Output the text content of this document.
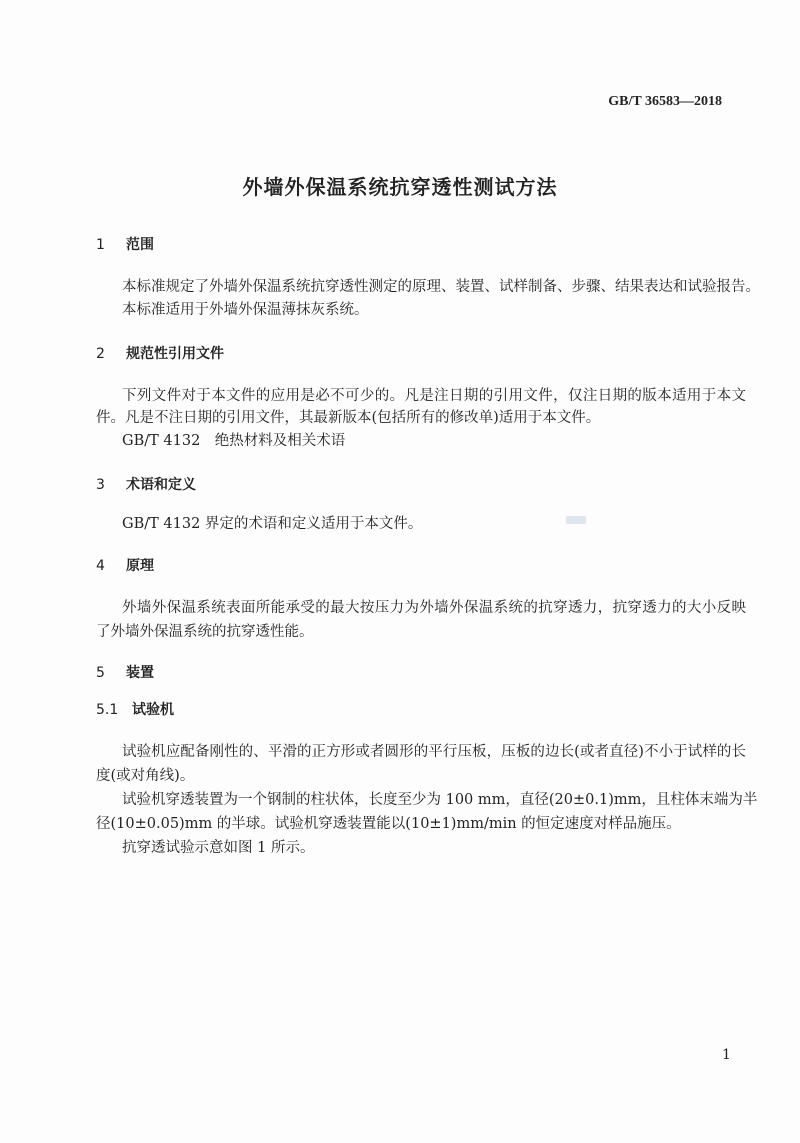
GB/T 36583—2018
外墙外保温系统抗穿透性测试方法
1 范围
本标准规定了外墙外保温系统抗穿透性测定的原理、装置、试样制备、步骤、结果表达和试验报告。
本标准适用于外墙外保温薄抹灰系统。
2 规范性引用文件
下列文件对于本文件的应用是必不可少的。凡是注日期的引用文件，仅注日期的版本适用于本文
件。凡是不注日期的引用文件，其最新版本(包括所有的修改单)适用于本文件。
GB/T 4132　绝热材料及相关术语
3 术语和定义
GB/T 4132 界定的术语和定义适用于本文件。
4 原理
外墙外保温系统表面所能承受的最大按压力为外墙外保温系统的抗穿透力，抗穿透力的大小反映
了外墙外保温系统的抗穿透性能。
5 装置
5.1 试验机
试验机应配备刚性的、平滑的正方形或者圆形的平行压板，压板的边长(或者直径)不小于试样的长
度(或对角线)。
试验机穿透装置为一个钢制的柱状体，长度至少为 100 mm，直径(20±0.1)mm，且柱体末端为半
径(10±0.05)mm 的半球。试验机穿透装置能以(10±1)mm/min 的恒定速度对样品施压。
抗穿透试验示意如图 1 所示。
1
